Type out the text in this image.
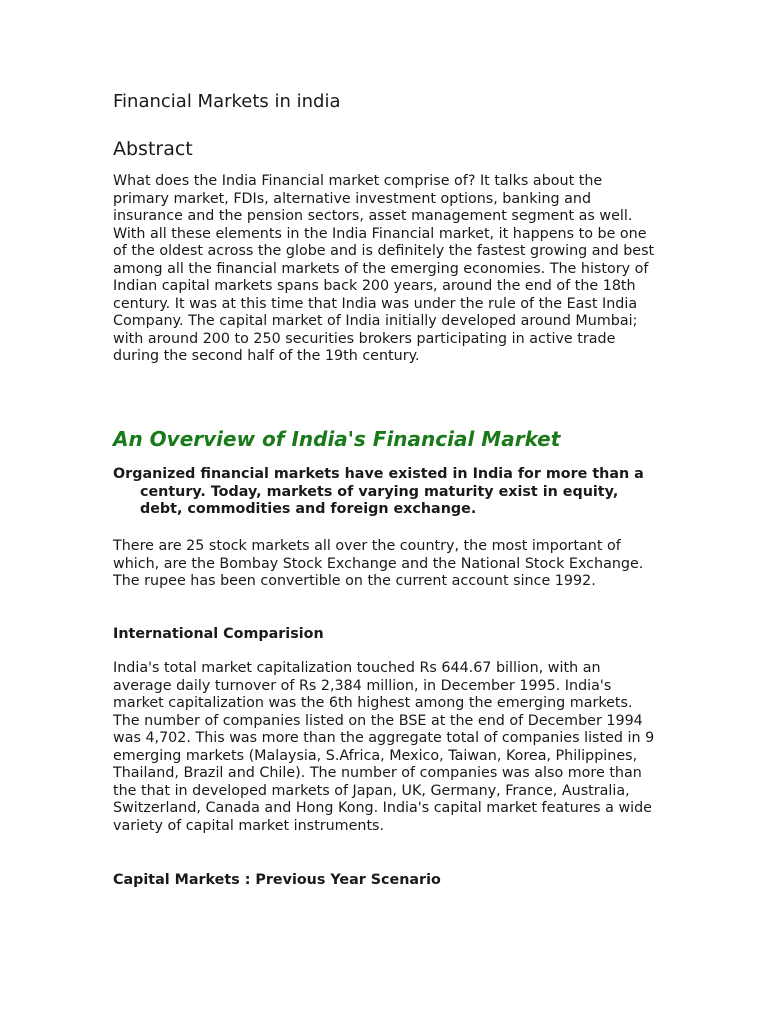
Financial Markets in india
Abstract

What does the India Financial market comprise of? It talks about the primary market, FDIs, alternative investment options, banking and insurance and the pension sectors, asset management segment as well. With all these elements in the India Financial market, it happens to be one of the oldest across the globe and is definitely the fastest growing and best among all the financial markets of the emerging economies. The history of Indian capital markets spans back 200 years, around the end of the 18th century. It was at this time that India was under the rule of the East India Company. The capital market of India initially developed around Mumbai; with around 200 to 250 securities brokers participating in active trade during the second half of the 19th century.

An Overview of India's Financial Market

Organized financial markets have existed in India for more than a century. Today, markets of varying maturity exist in equity, debt, commodities and foreign exchange.

There are 25 stock markets all over the country, the most important of which, are the Bombay Stock Exchange and the National Stock Exchange. The rupee has been convertible on the current account since 1992.

International Comparision

India's total market capitalization touched Rs 644.67 billion, with an average daily turnover of Rs 2,384 million, in December 1995. India's market capitalization was the 6th highest among the emerging markets. The number of companies listed on the BSE at the end of December 1994 was 4,702. This was more than the aggregate total of companies listed in 9 emerging markets (Malaysia, S.Africa, Mexico, Taiwan, Korea, Philippines, Thailand, Brazil and Chile). The number of companies was also more than the that in developed markets of Japan, UK, Germany, France, Australia, Switzerland, Canada and Hong Kong. India's capital market features a wide variety of capital market instruments.

Capital Markets : Previous Year Scenario
